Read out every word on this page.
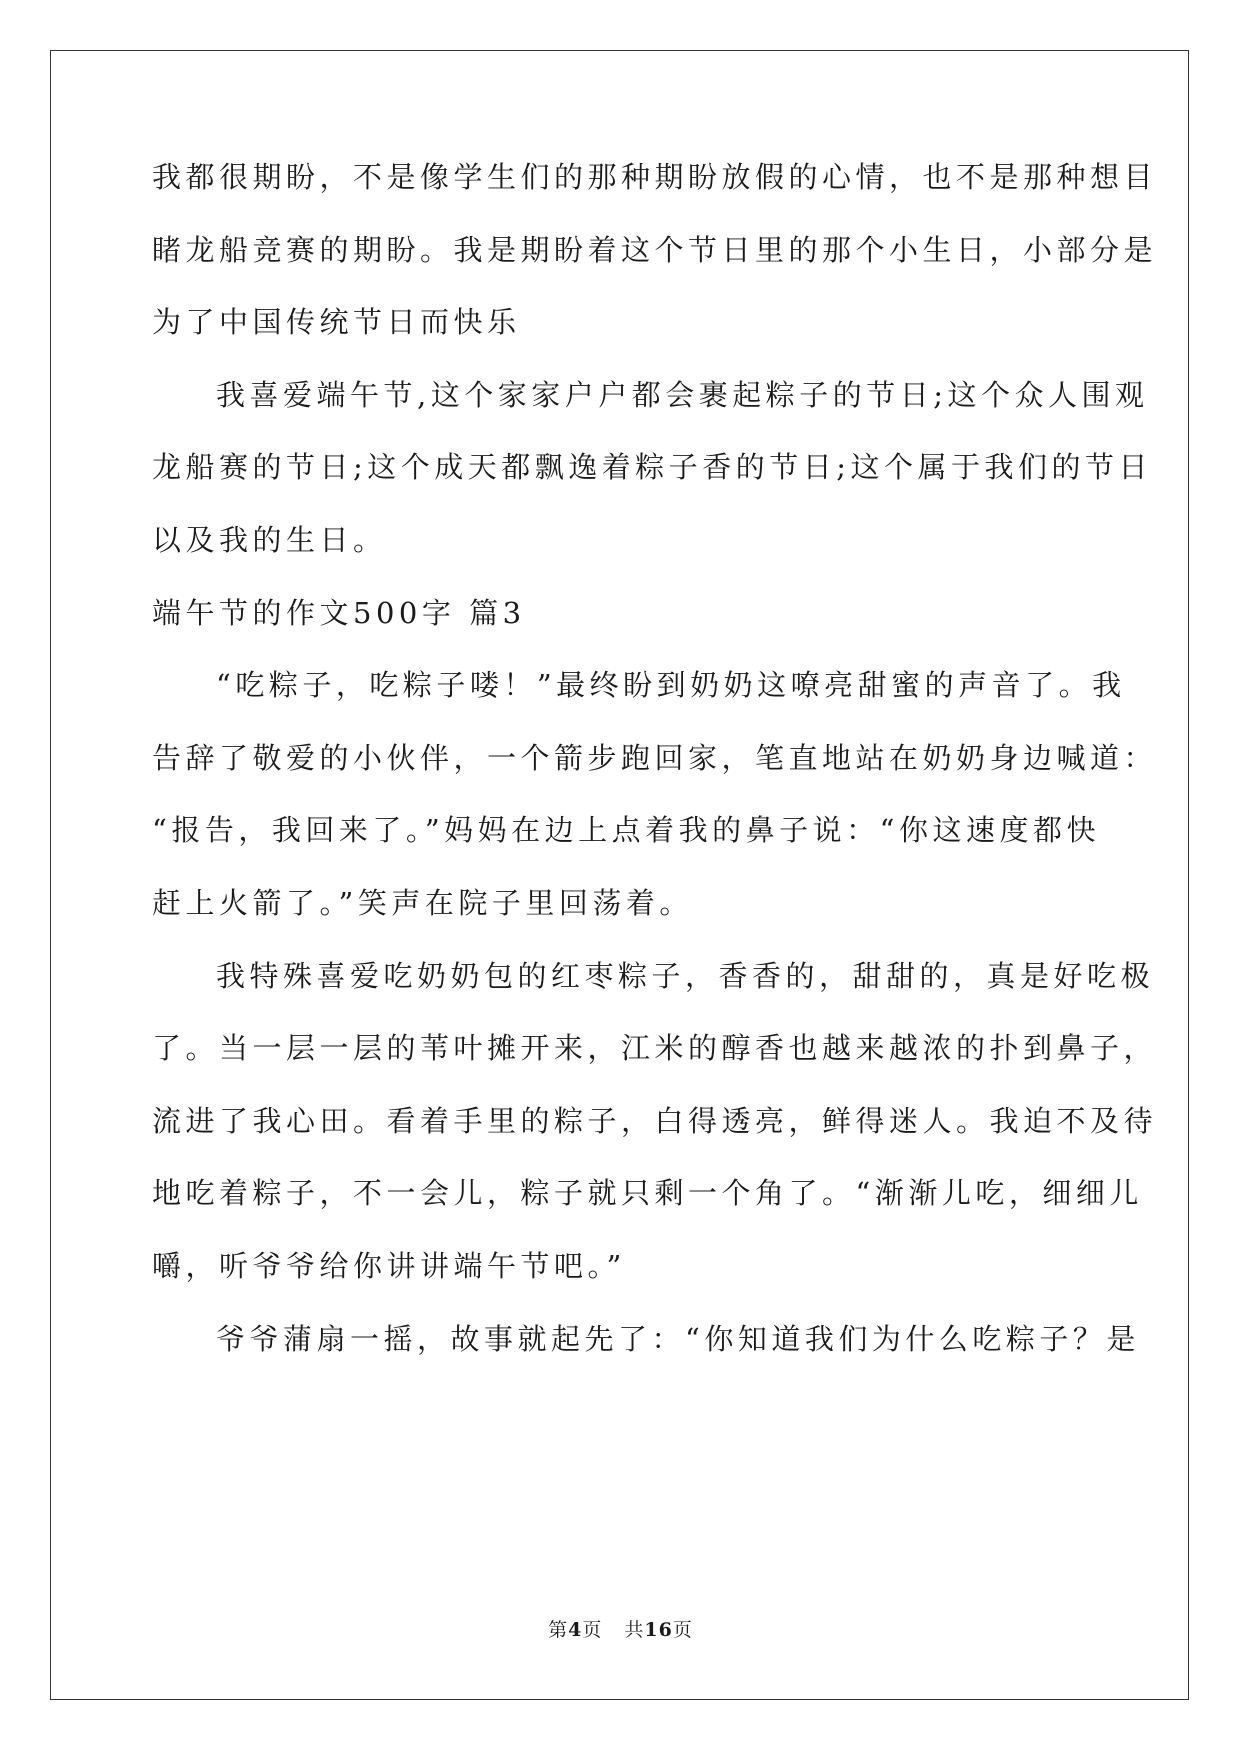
我都很期盼，不是像学生们的那种期盼放假的心情，也不是那种想目
睹龙船竞赛的期盼。我是期盼着这个节日里的那个小生日，小部分是
为了中国传统节日而快乐
我喜爱端午节,这个家家户户都会裹起粽子的节日;这个众人围观
龙船赛的节日;这个成天都飘逸着粽子香的节日;这个属于我们的节日
以及我的生日。
端午节的作文500字 篇3
“吃粽子，吃粽子喽！”最终盼到奶奶这嘹亮甜蜜的声音了。我
告辞了敬爱的小伙伴，一个箭步跑回家，笔直地站在奶奶身边喊道：
“报告，我回来了。”妈妈在边上点着我的鼻子说：“你这速度都快
赶上火箭了。”笑声在院子里回荡着。
我特殊喜爱吃奶奶包的红枣粽子，香香的，甜甜的，真是好吃极
了。当一层一层的苇叶摊开来，江米的醇香也越来越浓的扑到鼻子，
流进了我心田。看着手里的粽子，白得透亮，鲜得迷人。我迫不及待
地吃着粽子，不一会儿，粽子就只剩一个角了。“渐渐儿吃，细细儿
嚼，听爷爷给你讲讲端午节吧。”
爷爷蒲扇一摇，故事就起先了：“你知道我们为什么吃粽子？是
第4页 共16页
